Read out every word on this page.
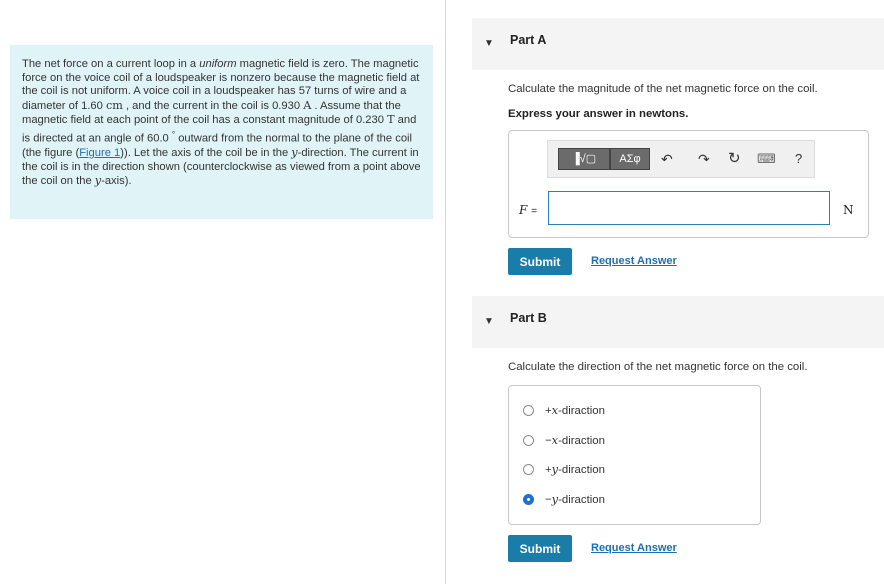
The net force on a current loop in a uniform magnetic field is zero. The magnetic force on the voice coil of a loudspeaker is nonzero because the magnetic field at the coil is not uniform. A voice coil in a loudspeaker has 57 turns of wire and a diameter of 1.60 cm , and the current in the coil is 0.930 A . Assume that the magnetic field at each point of the coil has a constant magnitude of 0.230 T and is directed at an angle of 60.0 ° outward from the normal to the plane of the coil (the figure (Figure 1)). Let the axis of the coil be in the y-direction. The current in the coil is in the direction shown (counterclockwise as viewed from a point above the coil on the y-axis).
▼ Part A
Calculate the magnitude of the net magnetic force on the coil.
Express your answer in newtons.
▐√▢	ΑΣφ	↶ ↷ ↻ ⌨ ?
F =	N
Submit	Request Answer
▼ Part B
Calculate the direction of the net magnetic force on the coil.
+x-diraction
−x-diraction
+y-diraction
−y-diraction
Submit	Request Answer
